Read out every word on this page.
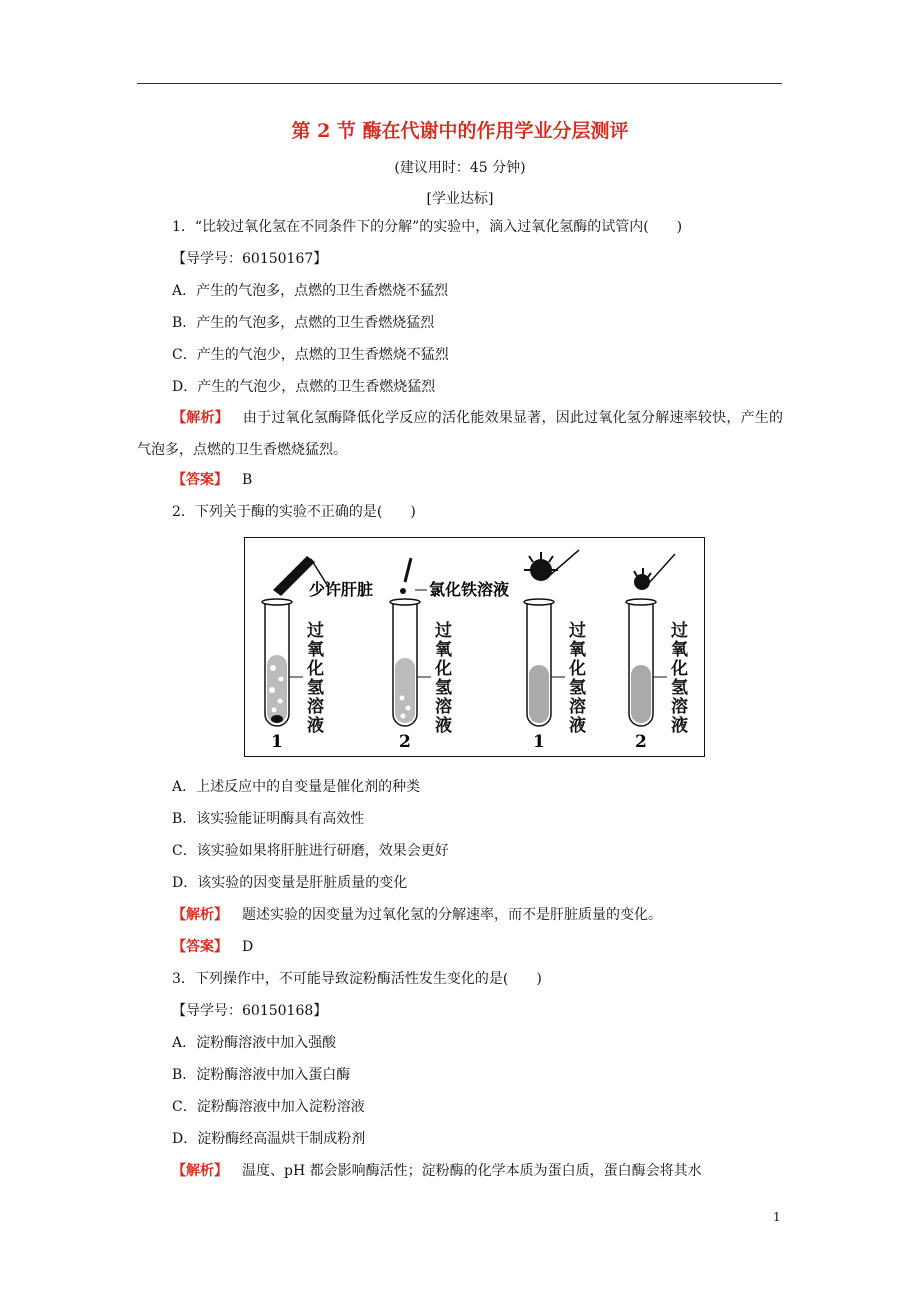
第 2 节 酶在代谢中的作用学业分层测评
(建议用时：45 分钟)
[学业达标]
1．“比较过氧化氢在不同条件下的分解”的实验中，滴入过氧化氢酶的试管内(　　)
【导学号：60150167】
A．产生的气泡多，点燃的卫生香燃烧不猛烈
B．产生的气泡多，点燃的卫生香燃烧猛烈
C．产生的气泡少，点燃的卫生香燃烧不猛烈
D．产生的气泡少，点燃的卫生香燃烧猛烈
【解析】 由于过氧化氢酶降低化学反应的活化能效果显著，因此过氧化氢分解速率较快，产生的气泡多，点燃的卫生香燃烧猛烈。
【答案】 B
2．下列关于酶的实验不正确的是(　　)
少许肝脏	氯化铁溶液
1	2	1	2
过氧化氢溶液
过氧化氢溶液
过氧化氢溶液
过氧化氢溶液
A．上述反应中的自变量是催化剂的种类
B．该实验能证明酶具有高效性
C．该实验如果将肝脏进行研磨，效果会更好
D．该实验的因变量是肝脏质量的变化
【解析】 题述实验的因变量为过氧化氢的分解速率，而不是肝脏质量的变化。
【答案】 D
3．下列操作中，不可能导致淀粉酶活性发生变化的是(　　)
【导学号：60150168】
A．淀粉酶溶液中加入强酸
B．淀粉酶溶液中加入蛋白酶
C．淀粉酶溶液中加入淀粉溶液
D．淀粉酶经高温烘干制成粉剂
【解析】 温度、pH 都会影响酶活性；淀粉酶的化学本质为蛋白质，蛋白酶会将其水
1
